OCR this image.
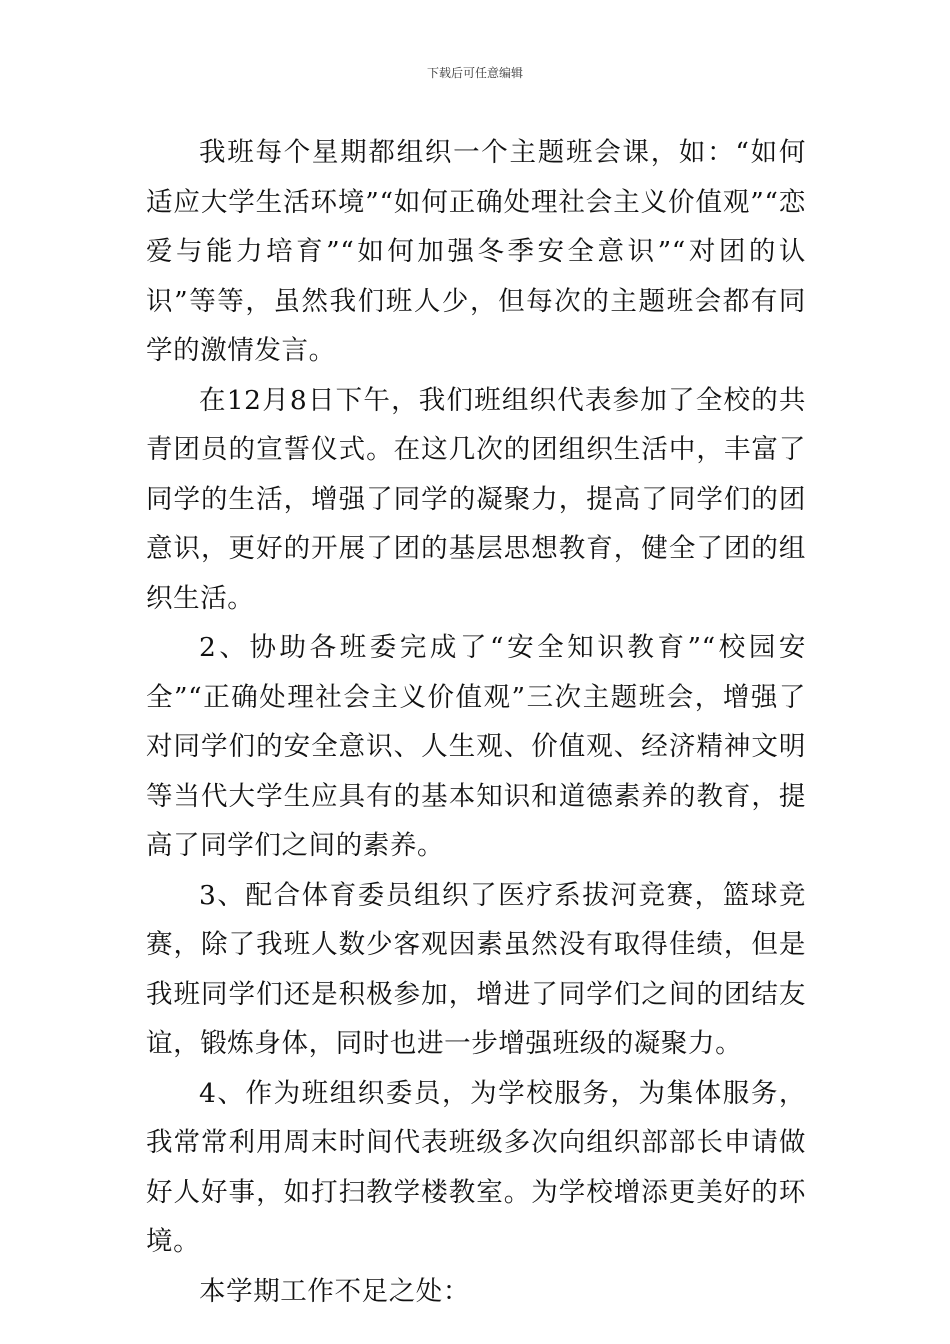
下载后可任意编辑

我班每个星期都组织一个主题班会课，如：“如何适应大学生活环境”“如何正确处理社会主义价值观”“恋爱与能力培育”“如何加强冬季安全意识”“对团的认识”等等，虽然我们班人少，但每次的主题班会都有同学的激情发言。

在12月8日下午，我们班组织代表参加了全校的共青团员的宣誓仪式。在这几次的团组织生活中，丰富了同学的生活，增强了同学的凝聚力，提高了同学们的团意识，更好的开展了团的基层思想教育，健全了团的组织生活。

2、协助各班委完成了“安全知识教育”“校园安全”“正确处理社会主义价值观”三次主题班会，增强了对同学们的安全意识、人生观、价值观、经济精神文明等当代大学生应具有的基本知识和道德素养的教育，提高了同学们之间的素养。

3、配合体育委员组织了医疗系拔河竞赛，篮球竞赛，除了我班人数少客观因素虽然没有取得佳绩，但是我班同学们还是积极参加，增进了同学们之间的团结友谊，锻炼身体，同时也进一步增强班级的凝聚力。

4、作为班组织委员，为学校服务，为集体服务，我常常利用周末时间代表班级多次向组织部部长申请做好人好事，如打扫教学楼教室。为学校增添更美好的环境。

本学期工作不足之处：
